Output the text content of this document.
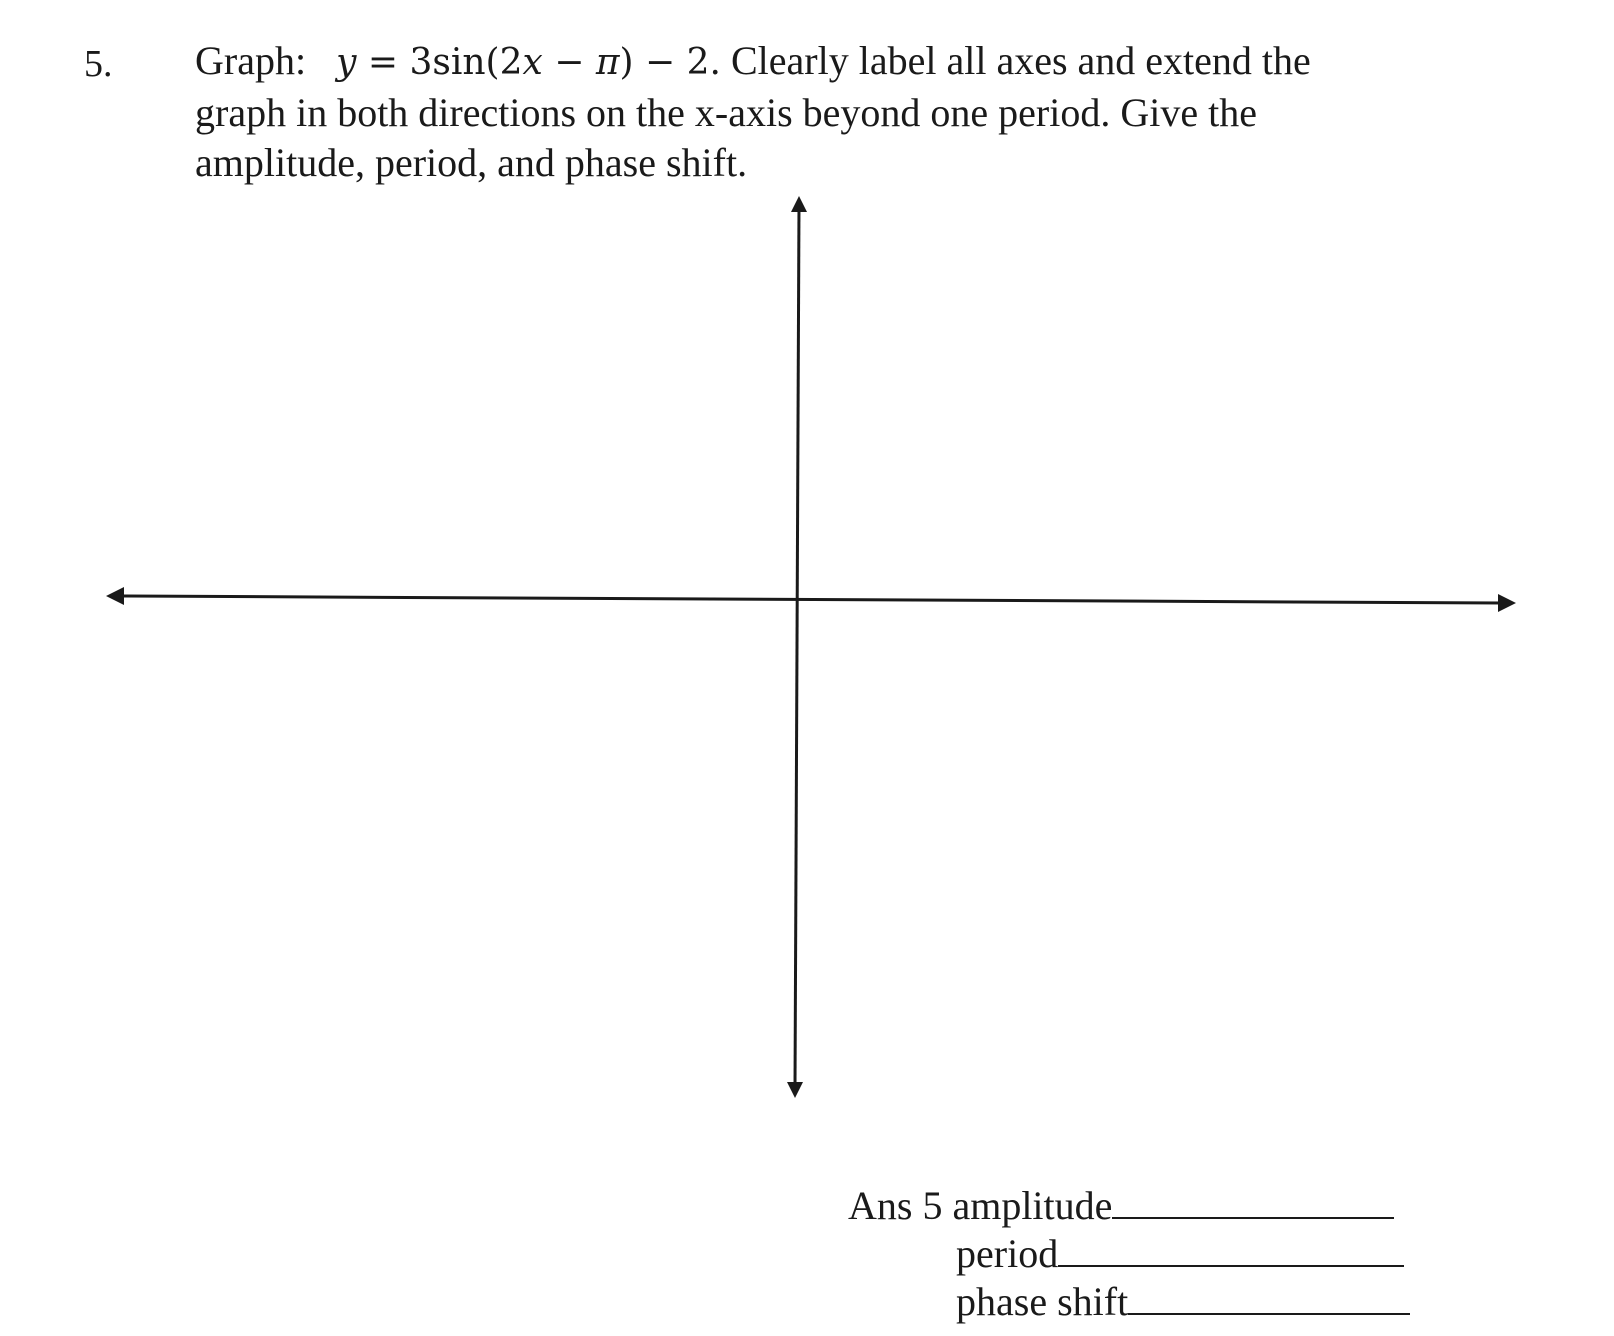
5. Graph: y = 3sin(2x − π) − 2. Clearly label all axes and extend the
graph in both directions on the x-axis beyond one period. Give the
amplitude, period, and phase shift.
Ans 5 amplitude
period
phase shift
